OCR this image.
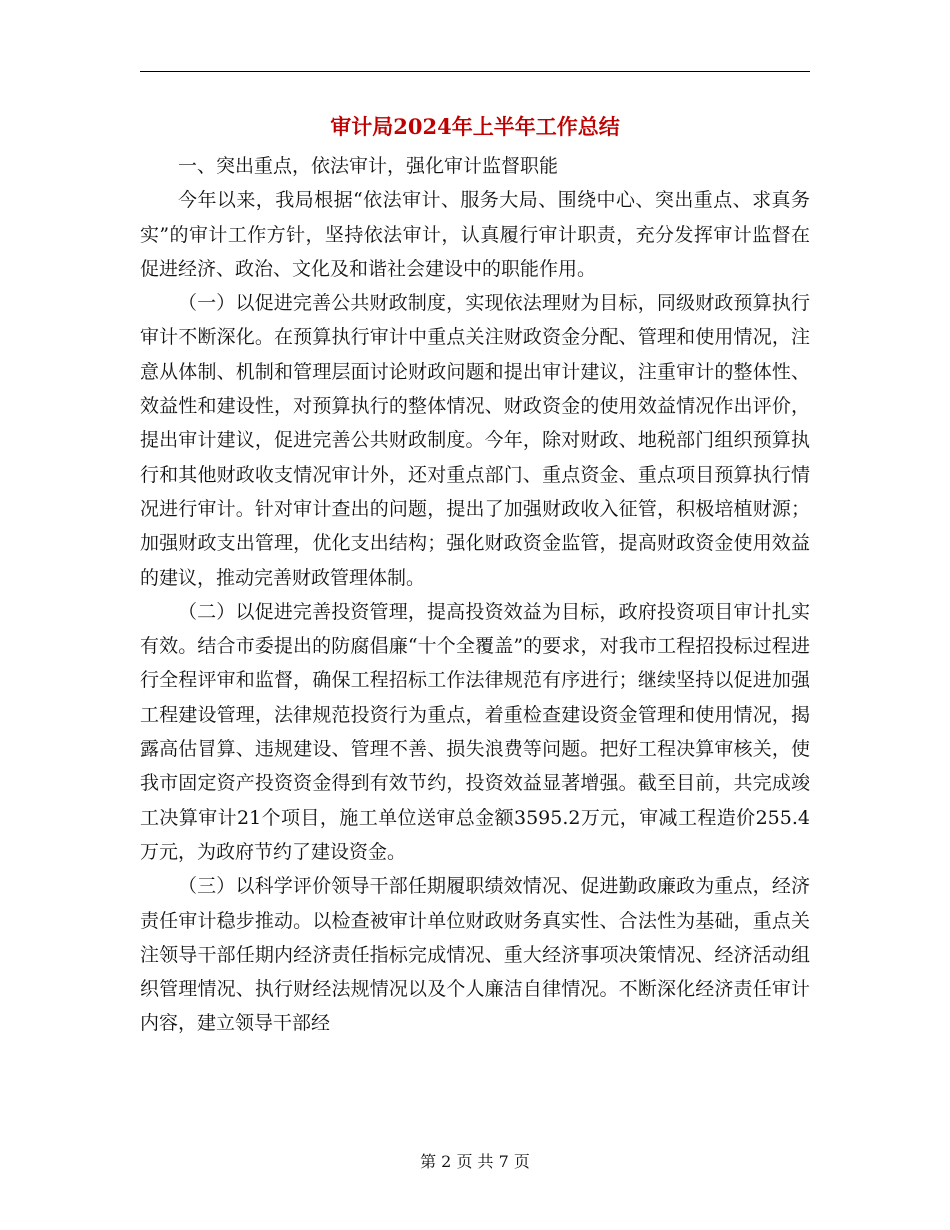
审计局2024年上半年工作总结

一、突出重点，依法审计，强化审计监督职能

今年以来，我局根据“依法审计、服务大局、围绕中心、突出重点、求真务实”的审计工作方针，坚持依法审计，认真履行审计职责，充分发挥审计监督在促进经济、政治、文化及和谐社会建设中的职能作用。

（一）以促进完善公共财政制度，实现依法理财为目标，同级财政预算执行审计不断深化。在预算执行审计中重点关注财政资金分配、管理和使用情况，注意从体制、机制和管理层面讨论财政问题和提出审计建议，注重审计的整体性、效益性和建设性，对预算执行的整体情况、财政资金的使用效益情况作出评价，提出审计建议，促进完善公共财政制度。今年，除对财政、地税部门组织预算执行和其他财政收支情况审计外，还对重点部门、重点资金、重点项目预算执行情况进行审计。针对审计查出的问题，提出了加强财政收入征管，积极培植财源；加强财政支出管理，优化支出结构；强化财政资金监管，提高财政资金使用效益的建议，推动完善财政管理体制。

（二）以促进完善投资管理，提高投资效益为目标，政府投资项目审计扎实有效。结合市委提出的防腐倡廉“十个全覆盖”的要求，对我市工程招投标过程进行全程评审和监督，确保工程招标工作法律规范有序进行；继续坚持以促进加强工程建设管理，法律规范投资行为重点，着重检查建设资金管理和使用情况，揭露高估冒算、违规建设、管理不善、损失浪费等问题。把好工程决算审核关，使我市固定资产投资资金得到有效节约，投资效益显著增强。截至目前，共完成竣工决算审计21个项目，施工单位送审总金额3595.2万元，审减工程造价255.4万元，为政府节约了建设资金。

（三）以科学评价领导干部任期履职绩效情况、促进勤政廉政为重点，经济责任审计稳步推动。以检查被审计单位财政财务真实性、合法性为基础，重点关注领导干部任期内经济责任指标完成情况、重大经济事项决策情况、经济活动组织管理情况、执行财经法规情况以及个人廉洁自律情况。不断深化经济责任审计内容，建立领导干部经

第 2 页 共 7 页
